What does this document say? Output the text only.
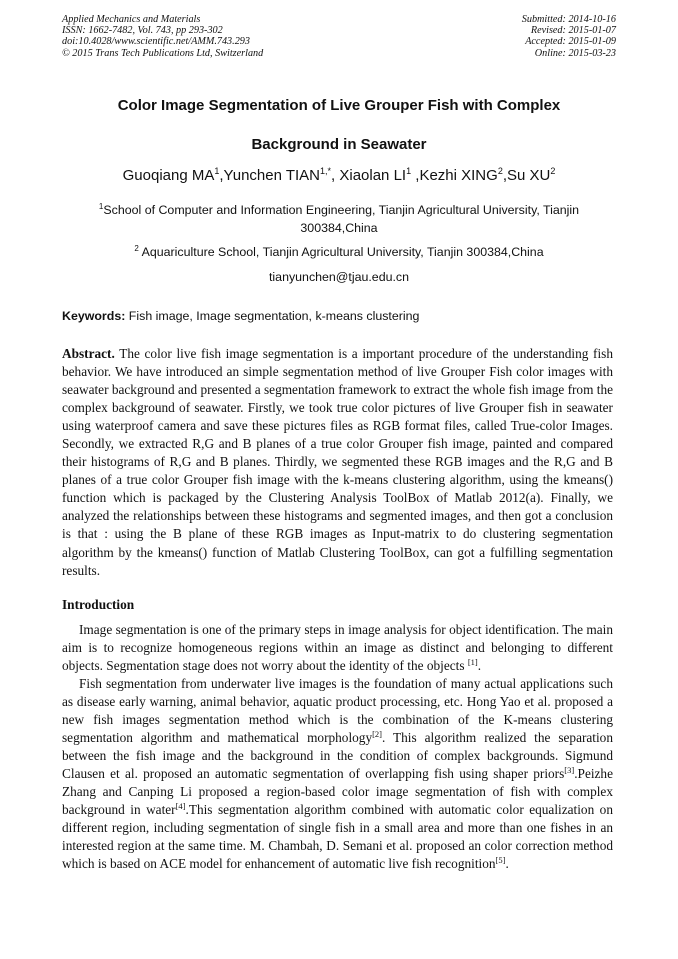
Applied Mechanics and Materials
ISSN: 1662-7482, Vol. 743, pp 293-302
doi:10.4028/www.scientific.net/AMM.743.293
© 2015 Trans Tech Publications Ltd, Switzerland
Submitted: 2014-10-16
Revised: 2015-01-07
Accepted: 2015-01-09
Online: 2015-03-23
Color Image Segmentation of Live Grouper Fish with Complex
Background in Seawater
Guoqiang $MA^1,Yunchen$ $TIAN^{1,*}$, Xiaolan $LI^1$ ,Kezhi XING$^2$,Su $XU^2$
$^1$School of Computer and Information Engineering, Tianjin Agricultural University, Tianjin 300384,China
$^2$ Aquariculture School, Tianjin Agricultural University, Tianjin 300384,China
tianyunchen@tjau.edu.cn
Keywords: Fish image, Image segmentation, k-means clustering
Abstract. The color live fish image segmentation is a important procedure of the understanding fish behavior. We have introduced an simple segmentation method of live Grouper Fish color images with seawater background and presented a segmentation framework to extract the whole fish image from the complex background of seawater. Firstly, we took true color pictures of live Grouper fish in seawater using waterproof camera and save these pictures files as RGB format files, called True-color Images. Secondly, we extracted R,G and B planes of a true color Grouper fish image, painted and compared their histograms of R,G and B planes. Thirdly, we segmented these RGB images and the R,G and B planes of a true color Grouper fish image with the k-means clustering algorithm, using the kmeans() function which is packaged by the Clustering Analysis ToolBox of Matlab 2012(a). Finally, we analyzed the relationships between these histograms and segmented images, and then got a conclusion is that : using the B plane of these RGB images as Input-matrix to do clustering segmentation algorithm by the kmeans() function of Matlab Clustering ToolBox, can got a fulfilling segmentation results.
Introduction
Image segmentation is one of the primary steps in image analysis for object identification. The main aim is to recognize homogeneous regions within an image as distinct and belonging to different objects. Segmentation stage does not worry about the identity of the objects [1].
Fish segmentation from underwater live images is the foundation of many actual applications such as disease early warning, animal behavior, aquatic product processing, etc. Hong Yao et al. proposed a new fish images segmentation method which is the combination of the K-means clustering segmentation algorithm and mathematical morphology[2]. This algorithm realized the separation between the fish image and the background in the condition of complex backgrounds. Sigmund Clausen et al. proposed an automatic segmentation of overlapping fish using shaper priors[3].Peizhe Zhang and Canping Li proposed a region-based color image segmentation of fish with complex background in water[4].This segmentation algorithm combined with automatic color equalization on different region, including segmentation of single fish in a small area and more than one fishes in an interested region at the same time. M. Chambah, D. Semani et al. proposed an color correction method which is based on ACE model for enhancement of automatic live fish recognition[5].
